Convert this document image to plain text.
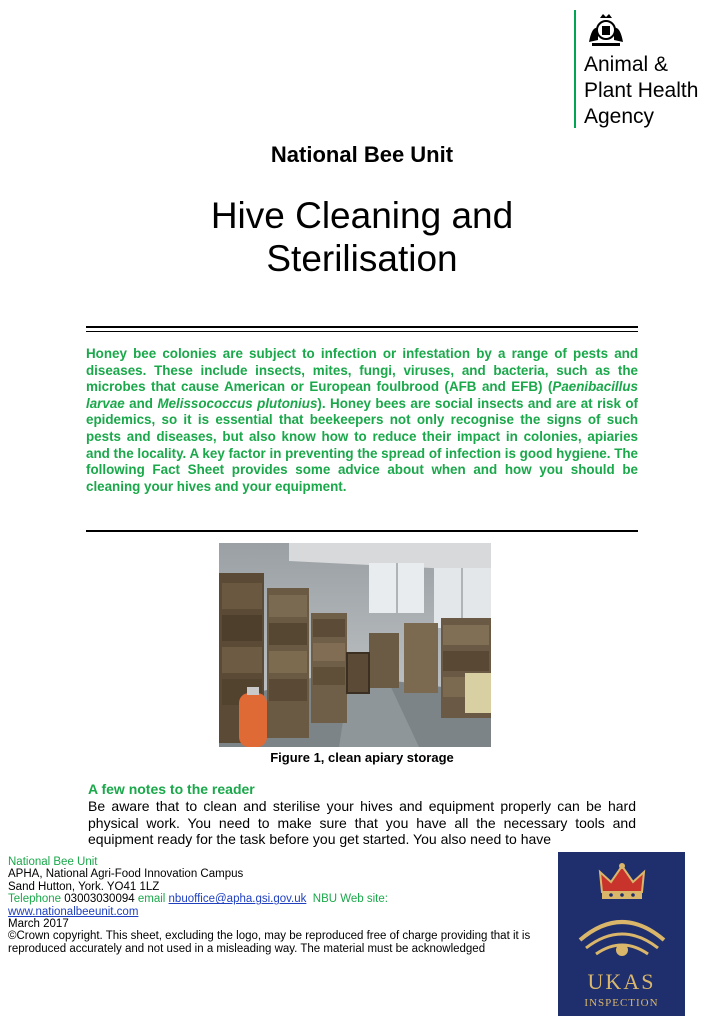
Animal &
Plant Health
Agency
National Bee Unit
Hive Cleaning and
Sterilisation
Honey bee colonies are subject to infection or infestation by a range of pests and diseases. These include insects, mites, fungi, viruses, and bacteria, such as the microbes that cause American or European foulbrood (AFB and EFB) (Paenibacillus larvae and Melissococcus plutonius). Honey bees are social insects and are at risk of epidemics, so it is essential that beekeepers not only recognise the signs of such pests and diseases, but also know how to reduce their impact in colonies, apiaries and the locality. A key factor in preventing the spread of infection is good hygiene. The following Fact Sheet provides some advice about when and how you should be cleaning your hives and your equipment.
Figure 1, clean apiary storage
A few notes to the reader
Be aware that to clean and sterilise your hives and equipment properly can be hard physical work. You need to make sure that you have all the necessary tools and equipment ready for the task before you get started. You also need to have
National Bee Unit
APHA, National Agri-Food Innovation Campus
Sand Hutton, York. YO41 1LZ
Telephone 03003030094 email nbuoffice@apha.gsi.gov.uk NBU Web site:
www.nationalbeeunit.com
March 2017
©Crown copyright. This sheet, excluding the logo, may be reproduced free of charge providing that it is reproduced accurately and not used in a misleading way. The material must be acknowledged
UKAS
INSPECTION
